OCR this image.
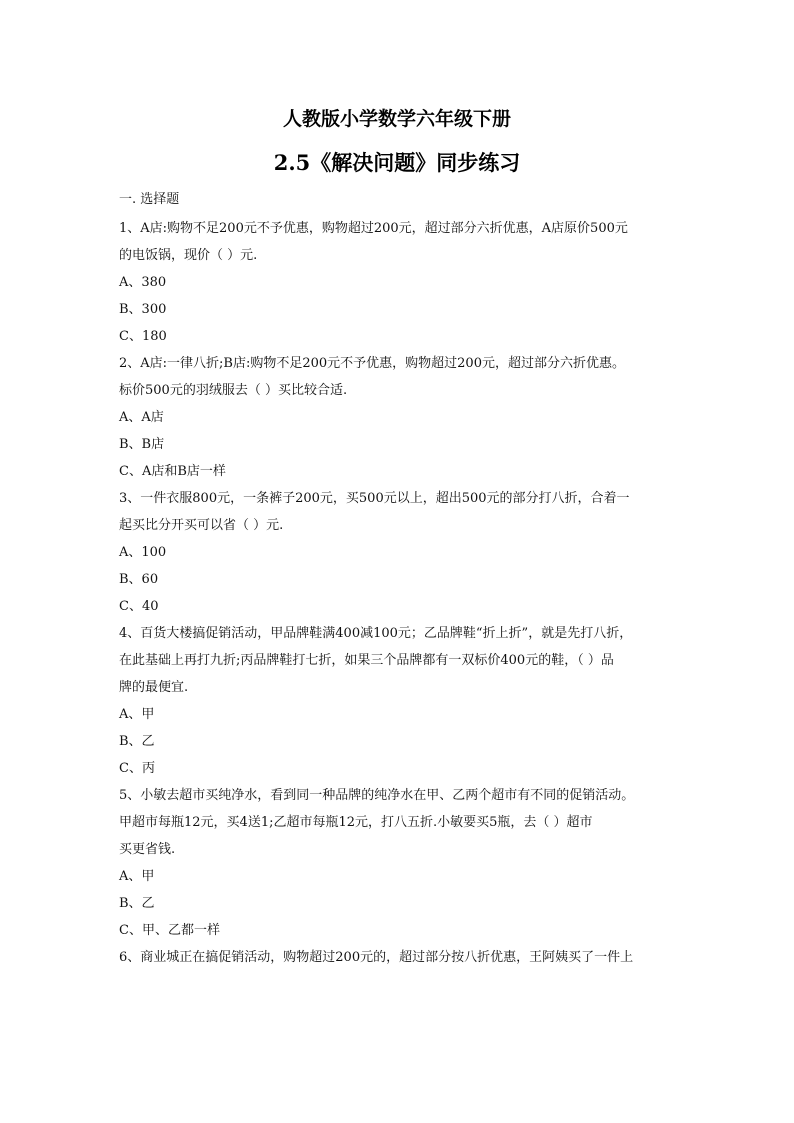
人教版小学数学六年级下册
2.5《解决问题》同步练习
一. 选择题
1、A店:购物不足200元不予优惠，购物超过200元，超过部分六折优惠，A店原价500元
的电饭锅，现价（ ）元.
A、380
B、300
C、180
2、A店:一律八折;B店:购物不足200元不予优惠，购物超过200元，超过部分六折优惠。
标价500元的羽绒服去（ ）买比较合适.
A、A店
B、B店
C、A店和B店一样
3、一件衣服800元，一条裤子200元，买500元以上，超出500元的部分打八折，合着一
起买比分开买可以省（ ）元.
A、100
B、60
C、40
4、百货大楼搞促销活动，甲品牌鞋满400减100元；乙品牌鞋“折上折”，就是先打八折，
在此基础上再打九折;丙品牌鞋打七折，如果三个品牌都有一双标价400元的鞋，（ ）品
牌的最便宜.
A、甲
B、乙
C、丙
5、小敏去超市买纯净水，看到同一种品牌的纯净水在甲、乙两个超市有不同的促销活动。
甲超市每瓶12元，买4送1;乙超市每瓶12元，打八五折.小敏要买5瓶，去（ ）超市
买更省钱.
A、甲
B、乙
C、甲、乙都一样
6、商业城正在搞促销活动，购物超过200元的，超过部分按八折优惠，王阿姨买了一件上
